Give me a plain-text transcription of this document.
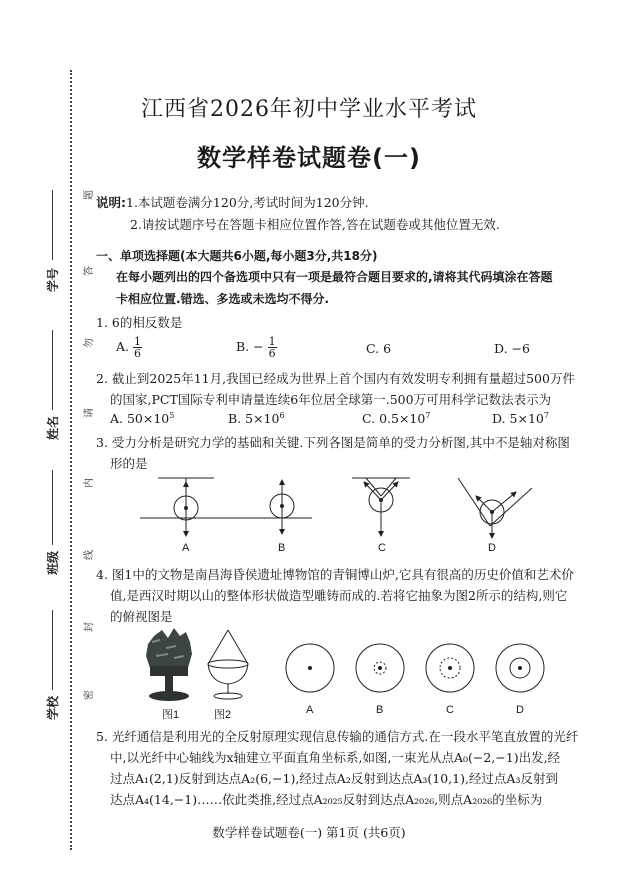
题
答
勿
请
内
线
封
密
学号
姓名
班级
学校
江西省2026年初中学业水平考试
数学样卷试题卷(一)
说明:1.本试题卷满分120分,考试时间为120分钟.
2.请按试题序号在答题卡相应位置作答,答在试题卷或其他位置无效.
一、单项选择题(本大题共6小题,每小题3分,共18分)
在每小题列出的四个备选项中只有一项是最符合题目要求的,请将其代码填涂在答题
卡相应位置.错选、多选或未选均不得分.
1. 6的相反数是
A. $\frac{1}{6}$	B. − $\frac{1}{6}$	C. 6	D. −6
2. 截止到2025年11月,我国已经成为世界上首个国内有效发明专利拥有量超过500万件
的国家,PCT国际专利申请量连续6年位居全球第一.500万可用科学记数法表示为
A. $50\times 10^5$	B. $5\times 10^6$	C. $0.5\times 10^7$	D. $5\times 10^7$
3. 受力分析是研究力学的基础和关键.下列各图是简单的受力分析图,其中不是轴对称图
形的是
A	B	C	D
4. 图1中的文物是南昌海昏侯遗址博物馆的青铜博山炉,它具有很高的历史价值和艺术价
值,是西汉时期以山的整体形状做造型雕铸而成的.若将它抽象为图2所示的结构,则它
的俯视图是
图1	图2	A	B	C	D
5. 光纤通信是利用光的全反射原理实现信息传输的通信方式.在一段水平笔直放置的光纤
中,以光纤中心轴线为x轴建立平面直角坐标系,如图,一束光从点A₀(−2,−1)出发,经
过点A₁(2,1)反射到达点A₂(6,−1),经过点A₂反射到达点A₃(10,1),经过点A₃反射到
达点A₄(14,−1)……依此类推,经过点A₂₀₂₅反射到达点A₂₀₂₆,则点A₂₀₂₆的坐标为
数学样卷试题卷(一) 第1页 (共6页)
